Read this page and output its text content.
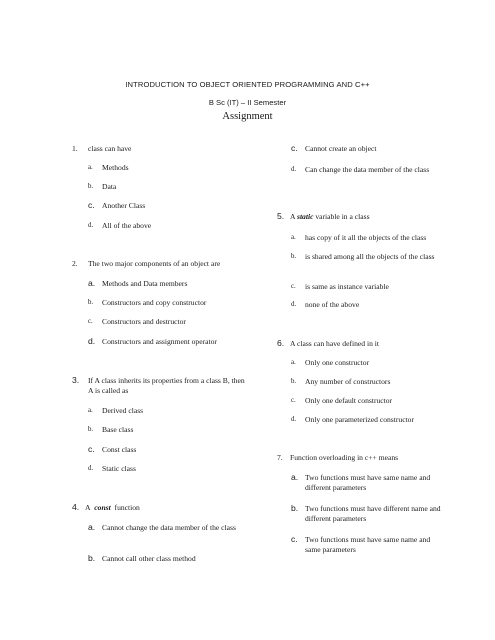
INTRODUCTION TO OBJECT ORIENTED PROGRAMMING AND C++
B Sc (IT) – II Semester
Assignment
1. class can have
a. Methods
b. Data
c. Another Class
d. All of the above
2. The two major components of an object are
a. Methods and Data members
b. Constructors and copy constructor
c. Constructors and destructor
d. Constructors and assignment operator
3. If A class inherits its properties from a class B, then A is called as
a. Derived class
b. Base class
c. Const class
d. Static class
4. A const function
a. Cannot change the data member of the class
b. Cannot call other class method
c. Cannot create an object
d. Can change the data member of the class
5. A static variable in a class
a. has copy of it all the objects of the class
b. is shared among all the objects of the class
c. is same as instance variable
d. none of the above
6. A class can have defined in it
a. Only one constructor
b. Any number of constructors
c. Only one default constructor
d. Only one parameterized constructor
7. Function overloading in c++ means
a. Two functions must have same name and different parameters
b. Two functions must have different name and different parameters
c. Two functions must have same name and same parameters
